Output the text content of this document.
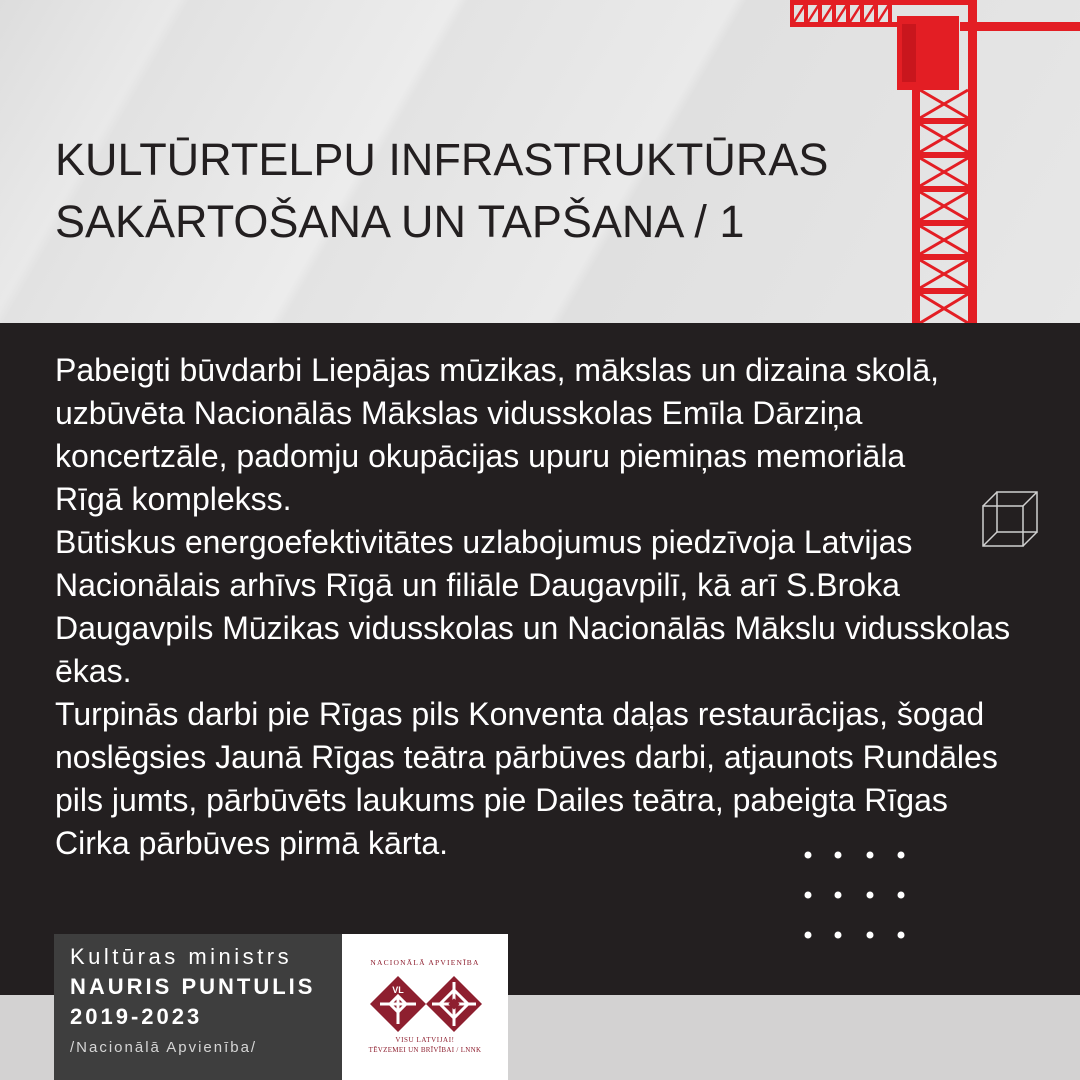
KULTŪRTELPU INFRASTRUKTŪRAS
SAKĀRTOŠANA UN TAPŠANA / 1
Pabeigti būvdarbi Liepājas mūzikas, mākslas un dizaina skolā,
uzbūvēta Nacionālās Mākslas vidusskolas Emīla Dārziņa
koncertzāle, padomju okupācijas upuru piemiņas memoriāla
Rīgā komplekss.
Būtiskus energoefektivitātes uzlabojumus piedzīvoja Latvijas
Nacionālais arhīvs Rīgā un filiāle Daugavpilī, kā arī S.Broka
Daugavpils Mūzikas vidusskolas un Nacionālās Mākslu vidusskolas
ēkas.
Turpinās darbi pie Rīgas pils Konventa daļas restaurācijas, šogad
noslēgsies Jaunā Rīgas teātra pārbūves darbi, atjaunots Rundāles
pils jumts, pārbūvēts laukums pie Dailes teātra, pabeigta Rīgas
Cirka pārbūves pirmā kārta.
Kultūras ministrs
NAURIS PUNTULIS
2019-2023
/Nacionālā Apvienība/
NACIONĀLĀ APVIENĪBA
VL
VISU LATVIJAI!
TĒVZEMEI UN BRĪVĪBAI / LNNK
